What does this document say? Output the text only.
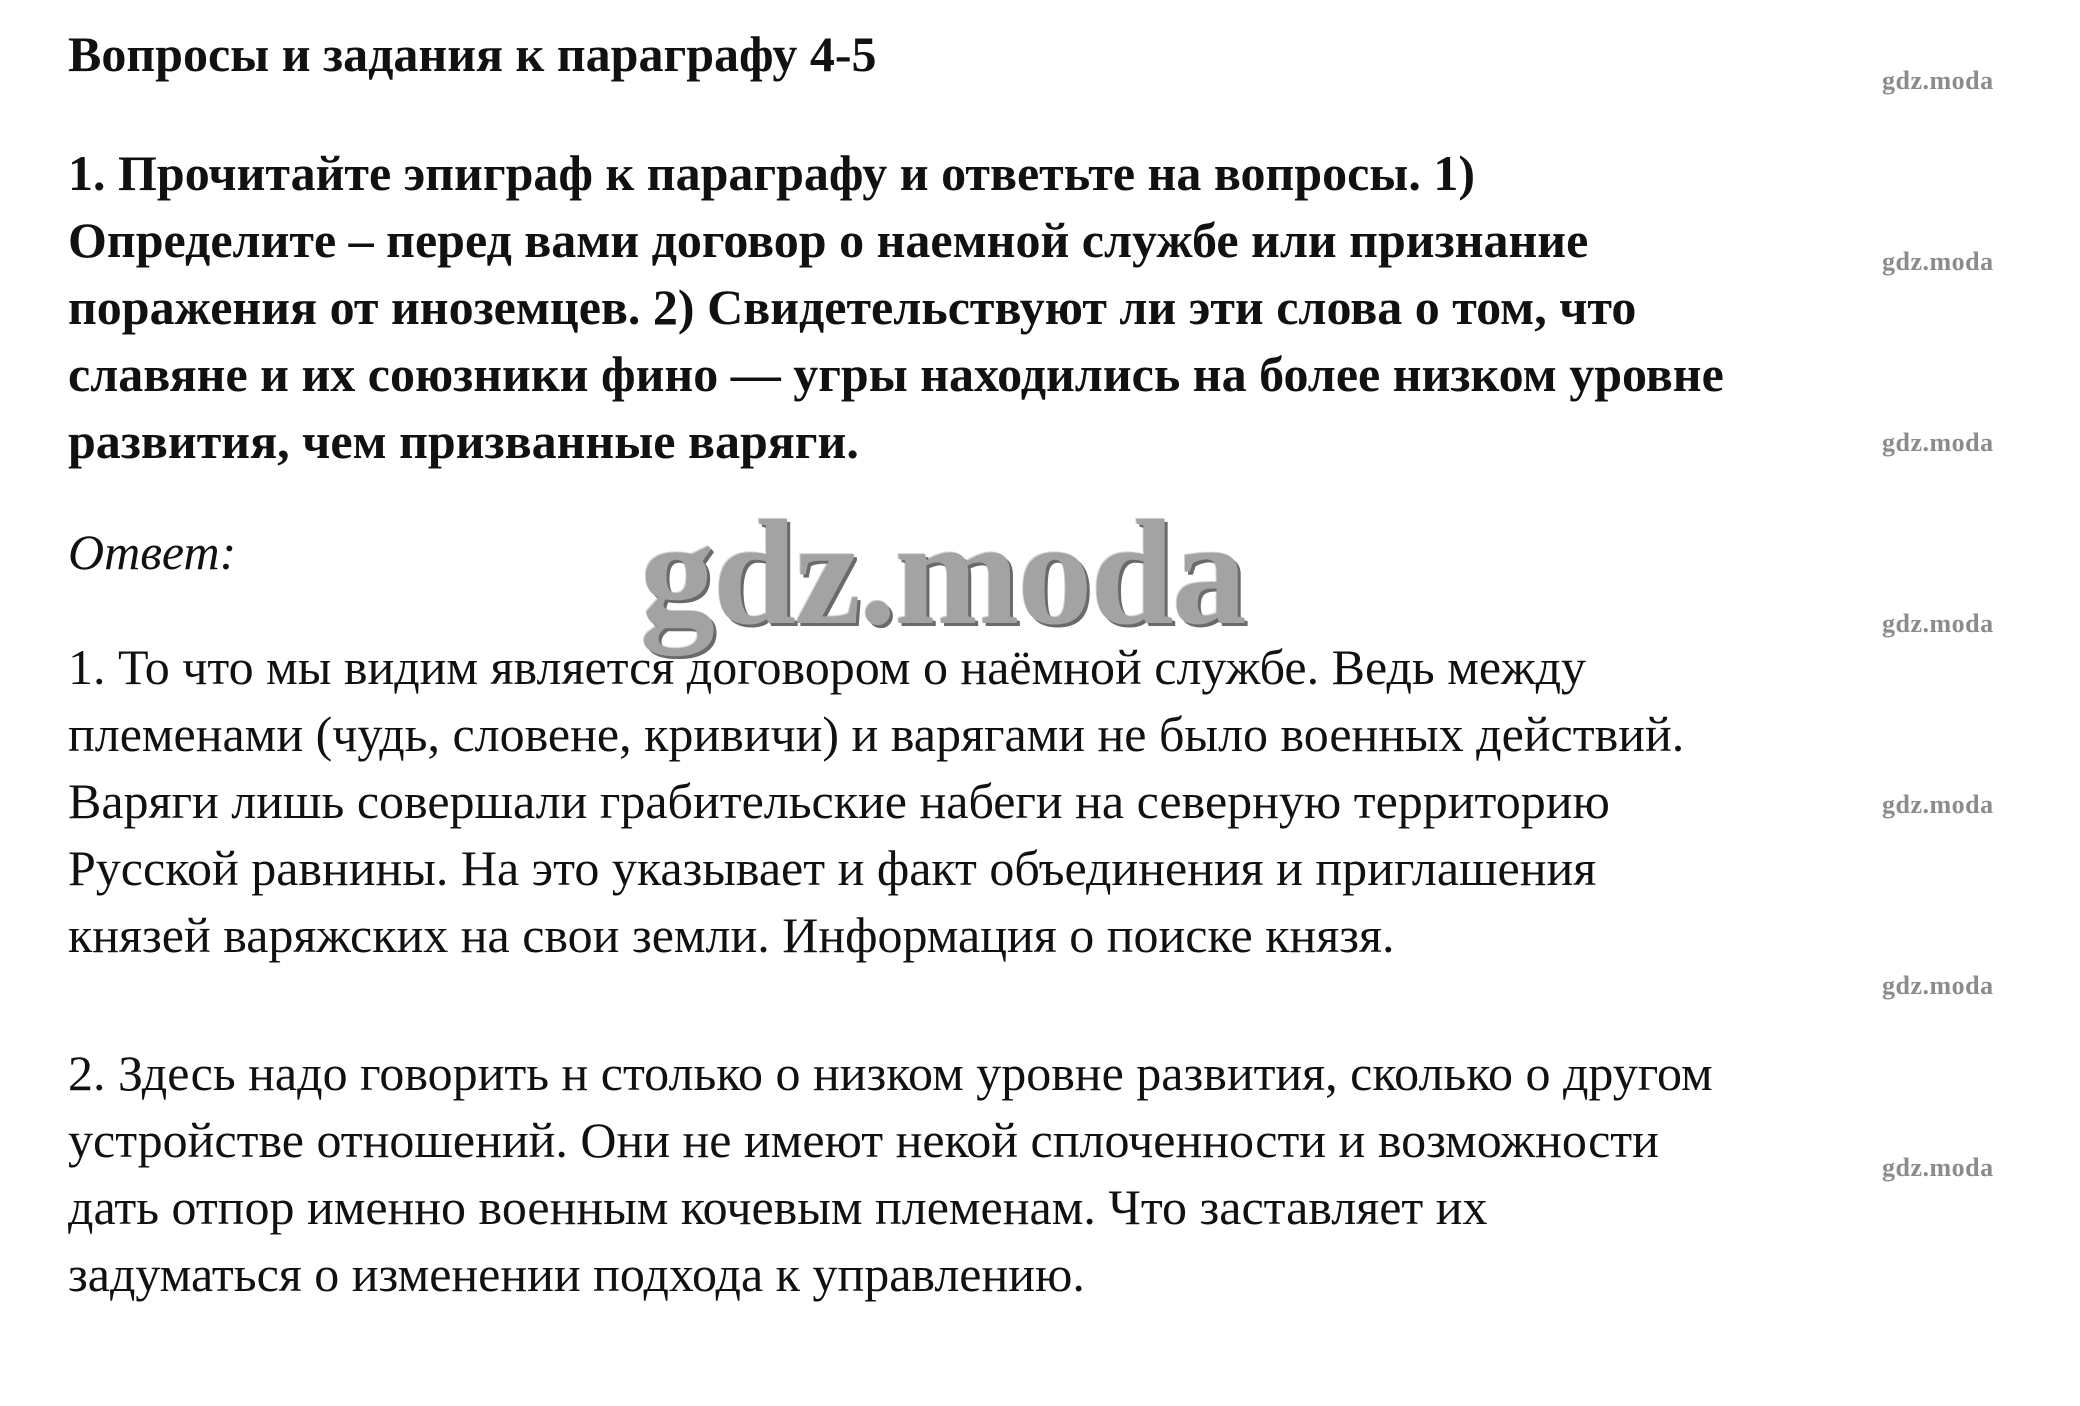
Вопросы и задания к параграфу 4-5

1. Прочитайте эпиграф к параграфу и ответьте на вопросы. 1)
Определите – перед вами договор о наемной службе или признание
поражения от иноземцев. 2) Свидетельствуют ли эти слова о том, что
славяне и их союзники фино — угры находились на более низком уровне
развития, чем призванные варяги.

Ответ:

1. То что мы видим является договором о наёмной службе. Ведь между
племенами (чудь, словене, кривичи) и варягами не было военных действий.
Варяги лишь совершали грабительские набеги на северную территорию
Русской равнины. На это указывает и факт объединения и приглашения
князей варяжских на свои земли. Информация о поиске князя.

2. Здесь надо говорить н столько о низком уровне развития, сколько о другом
устройстве отношений. Они не имеют некой сплоченности и возможности
дать отпор именно военным кочевым племенам. Что заставляет их
задуматься о изменении подхода к управлению.

gdz.moda
gdz.moda
gdz.moda
gdz.moda
gdz.moda
gdz.moda
gdz.moda
gdz.moda
